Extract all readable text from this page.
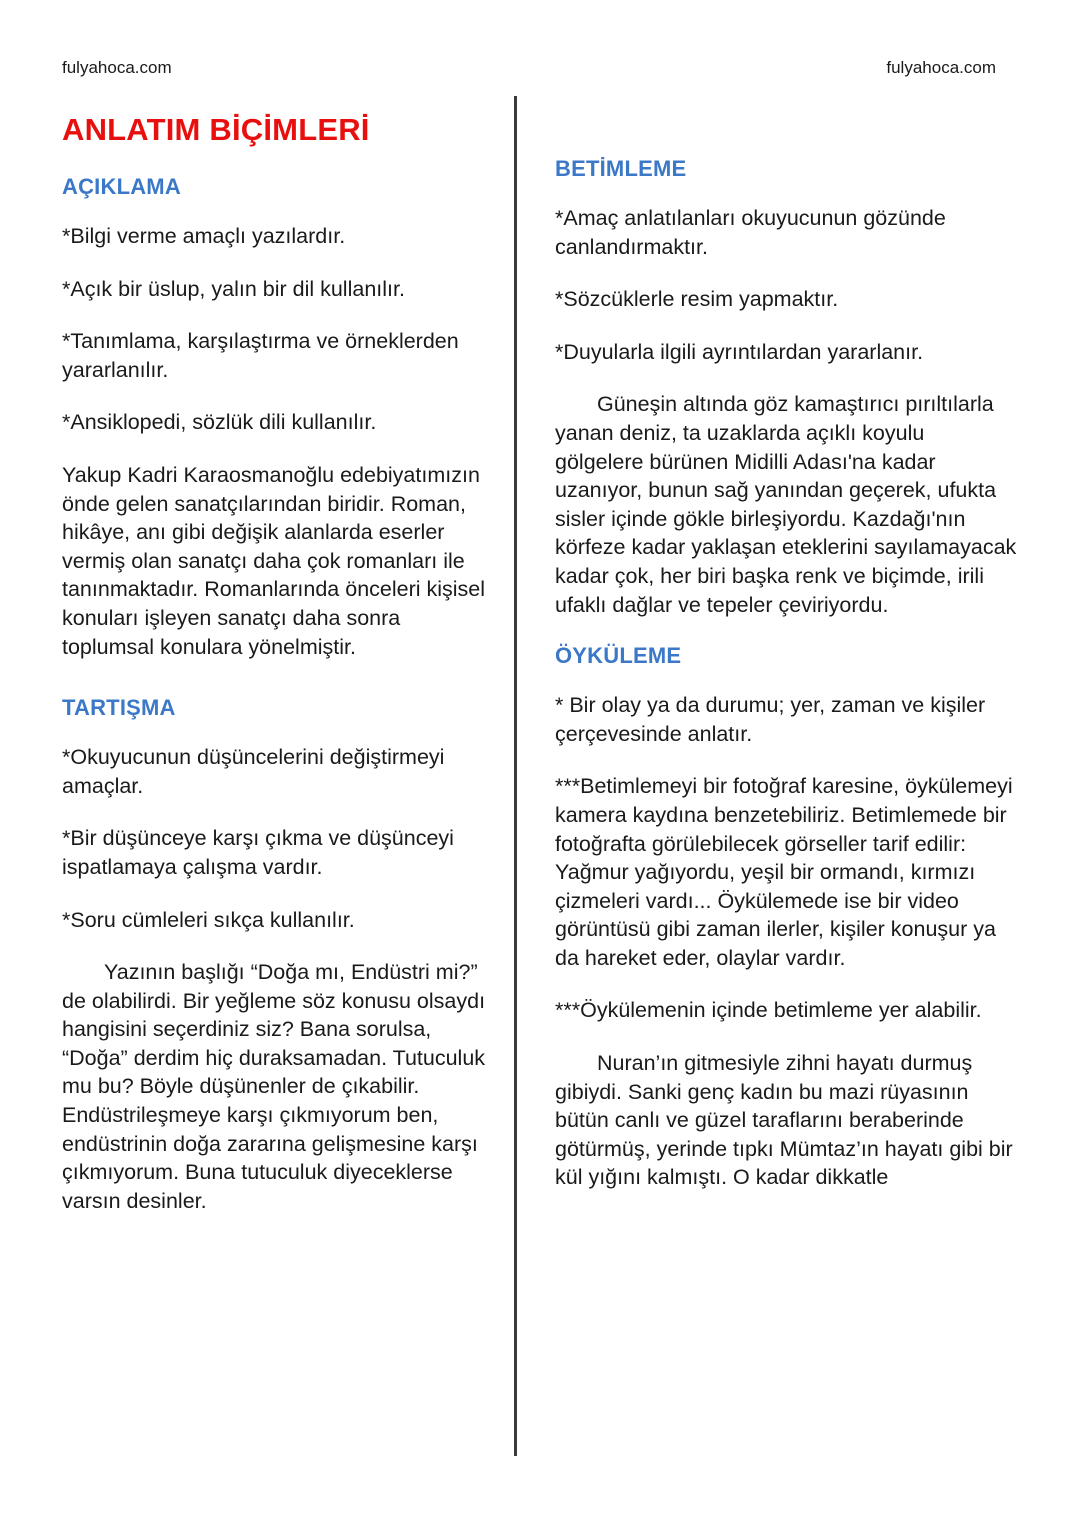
fulyahoca.com	fulyahoca.com
ANLATIM BİÇİMLERİ
AÇIKLAMA

*Bilgi verme amaçlı yazılardır.

*Açık bir üslup, yalın bir dil kullanılır.

*Tanımlama, karşılaştırma ve örneklerden yararlanılır.

*Ansiklopedi, sözlük dili kullanılır.

Yakup Kadri Karaosmanoğlu edebiyatımızın önde gelen sanatçılarından biridir. Roman, hikâye, anı gibi değişik alanlarda eserler vermiş olan sanatçı daha çok romanları ile tanınmaktadır. Romanlarında önceleri kişisel konuları işleyen sanatçı daha sonra toplumsal konulara yönelmiştir.

TARTIŞMA

*Okuyucunun düşüncelerini değiştirmeyi amaçlar.

*Bir düşünceye karşı çıkma ve düşünceyi ispatlamaya çalışma vardır.

*Soru cümleleri sıkça kullanılır.

Yazının başlığı “Doğa mı, Endüstri mi?” de olabilirdi. Bir yeğleme söz konusu olsaydı hangisini seçerdiniz siz? Bana sorulsa, “Doğa” derdim hiç duraksamadan. Tutuculuk mu bu? Böyle düşünenler de çıkabilir. Endüstrileşmeye karşı çıkmıyorum ben, endüstrinin doğa zararına gelişmesine karşı çıkmıyorum. Buna tutuculuk diyeceklerse varsın desinler.

BETİMLEME

*Amaç anlatılanları okuyucunun gözünde canlandırmaktır.

*Sözcüklerle resim yapmaktır.

*Duyularla ilgili ayrıntılardan yararlanır.

Güneşin altında göz kamaştırıcı pırıltılarla yanan deniz, ta uzaklarda açıklı koyulu gölgelere bürünen Midilli Adası'na kadar uzanıyor, bunun sağ yanından geçerek, ufukta sisler içinde gökle birleşiyordu. Kazdağı'nın körfeze kadar yaklaşan eteklerini sayılamayacak kadar çok, her biri başka renk ve biçimde, irili ufaklı dağlar ve tepeler çeviriyordu.

ÖYKÜLEME

* Bir olay ya da durumu; yer, zaman ve kişiler çerçevesinde anlatır.

***Betimlemeyi bir fotoğraf karesine, öykülemeyi kamera kaydına benzetebiliriz. Betimlemede bir fotoğrafta görülebilecek görseller tarif edilir: Yağmur yağıyordu, yeşil bir ormandı, kırmızı çizmeleri vardı... Öykülemede ise bir video görüntüsü gibi zaman ilerler, kişiler konuşur ya da hareket eder, olaylar vardır.

***Öykülemenin içinde betimleme yer alabilir.

Nuran’ın gitmesiyle zihni hayatı durmuş gibiydi. Sanki genç kadın bu mazi rüyasının bütün canlı ve güzel taraflarını beraberinde götürmüş, yerinde tıpkı Mümtaz’ın hayatı gibi bir kül yığını kalmıştı. O kadar dikkatle
